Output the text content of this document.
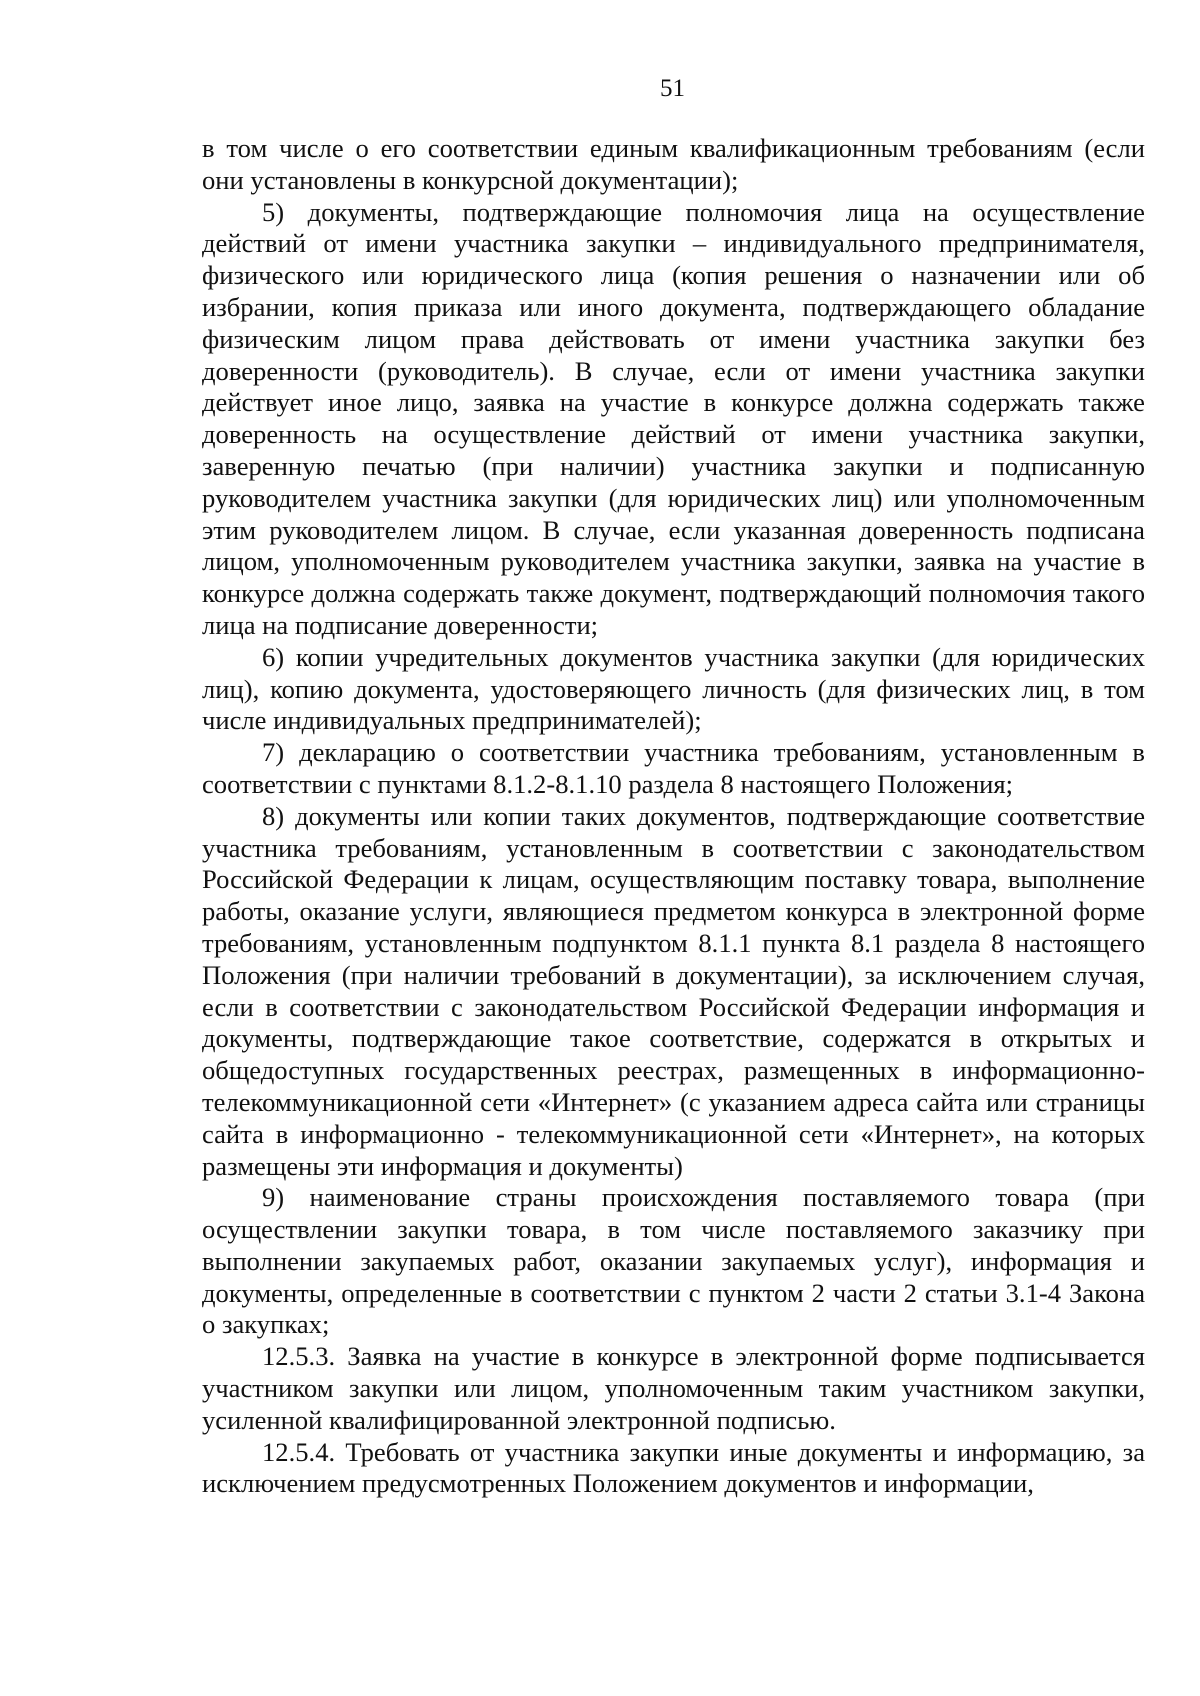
51

в том числе о его соответствии единым квалификационным требованиям (если они установлены в конкурсной документации);

5) документы, подтверждающие полномочия лица на осуществление действий от имени участника закупки – индивидуального предпринимателя, физического или юридического лица (копия решения о назначении или об избрании, копия приказа или иного документа, подтверждающего обладание физическим лицом права действовать от имени участника закупки без доверенности (руководитель). В случае, если от имени участника закупки действует иное лицо, заявка на участие в конкурсе должна содержать также доверенность на осуществление действий от имени участника закупки, заверенную печатью (при наличии) участника закупки и подписанную руководителем участника закупки (для юридических лиц) или уполномоченным этим руководителем лицом. В случае, если указанная доверенность подписана лицом, уполномоченным руководителем участника закупки, заявка на участие в конкурсе должна содержать также документ, подтверждающий полномочия такого лица на подписание доверенности;

6) копии учредительных документов участника закупки (для юридических лиц), копию документа, удостоверяющего личность (для физических лиц, в том числе индивидуальных предпринимателей);

7) декларацию о соответствии участника требованиям, установленным в соответствии с пунктами 8.1.2-8.1.10 раздела 8 настоящего Положения;

8) документы или копии таких документов, подтверждающие соответствие участника требованиям, установленным в соответствии с законодательством Российской Федерации к лицам, осуществляющим поставку товара, выполнение работы, оказание услуги, являющиеся предметом конкурса в электронной форме требованиям, установленным подпунктом 8.1.1 пункта 8.1 раздела 8 настоящего Положения (при наличии требований в документации), за исключением случая, если в соответствии с законодательством Российской Федерации информация и документы, подтверждающие такое соответствие, содержатся в открытых и общедоступных государственных реестрах, размещенных в информационно-телекоммуникационной сети «Интернет» (с указанием адреса сайта или страницы сайта в информационно - телекоммуникационной сети «Интернет», на которых размещены эти информация и документы)

9) наименование страны происхождения поставляемого товара (при осуществлении закупки товара, в том числе поставляемого заказчику при выполнении закупаемых работ, оказании закупаемых услуг), информация и документы, определенные в соответствии с пунктом 2 части 2 статьи 3.1-4 Закона о закупках;

12.5.3. Заявка на участие в конкурсе в электронной форме подписывается участником закупки или лицом, уполномоченным таким участником закупки, усиленной квалифицированной электронной подписью.

12.5.4. Требовать от участника закупки иные документы и информацию, за исключением предусмотренных Положением документов и информации,
